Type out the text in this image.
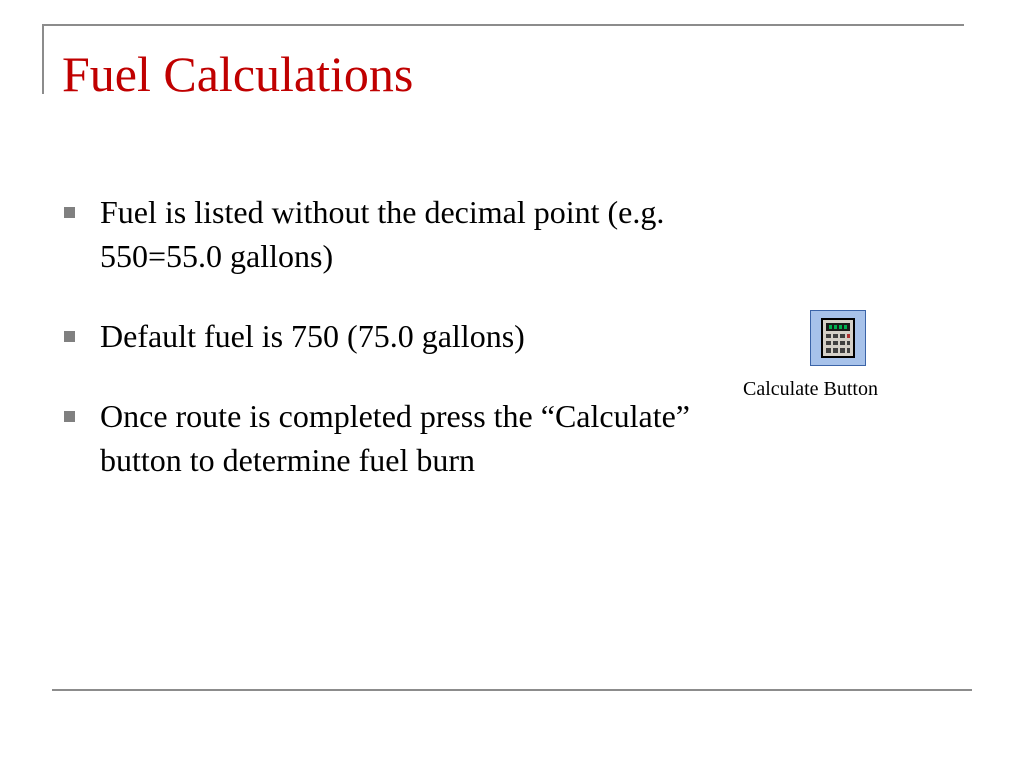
Fuel Calculations
Fuel is listed without the decimal point (e.g. 550=55.0 gallons)
Default fuel is 750 (75.0 gallons)
Once route is completed press the “Calculate” button to determine fuel burn
Calculate Button
